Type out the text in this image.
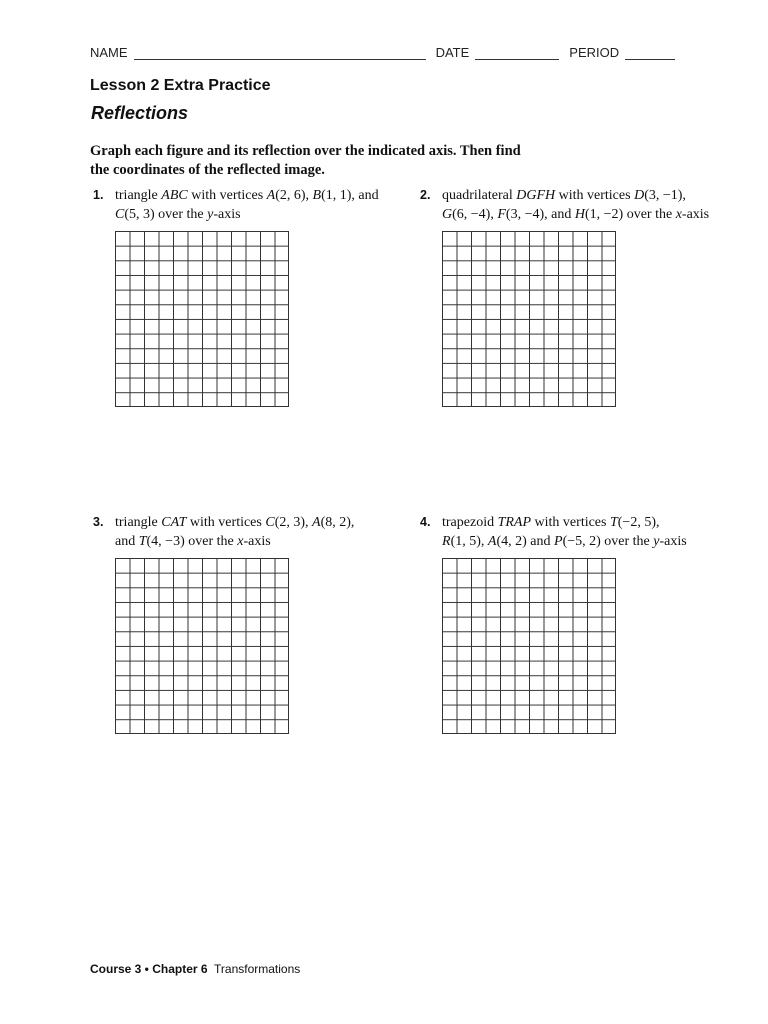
NAME	DATE	PERIOD
Lesson 2 Extra Practice
Reflections
Graph each figure and its reflection over the indicated axis. Then find
the coordinates of the reflected image.
1. triangle ABC with vertices A(2, 6), B(1, 1), and
C(5, 3) over the y-axis
2. quadrilateral DGFH with vertices D(3, −1),
G(6, −4), F(3, −4), and H(1, −2) over the x-axis
3. triangle CAT with vertices C(2, 3), A(8, 2),
and T(4, −3) over the x-axis
4. trapezoid TRAP with vertices T(−2, 5),
R(1, 5), A(4, 2) and P(−5, 2) over the y-axis
Course 3 • Chapter 6 Transformations
